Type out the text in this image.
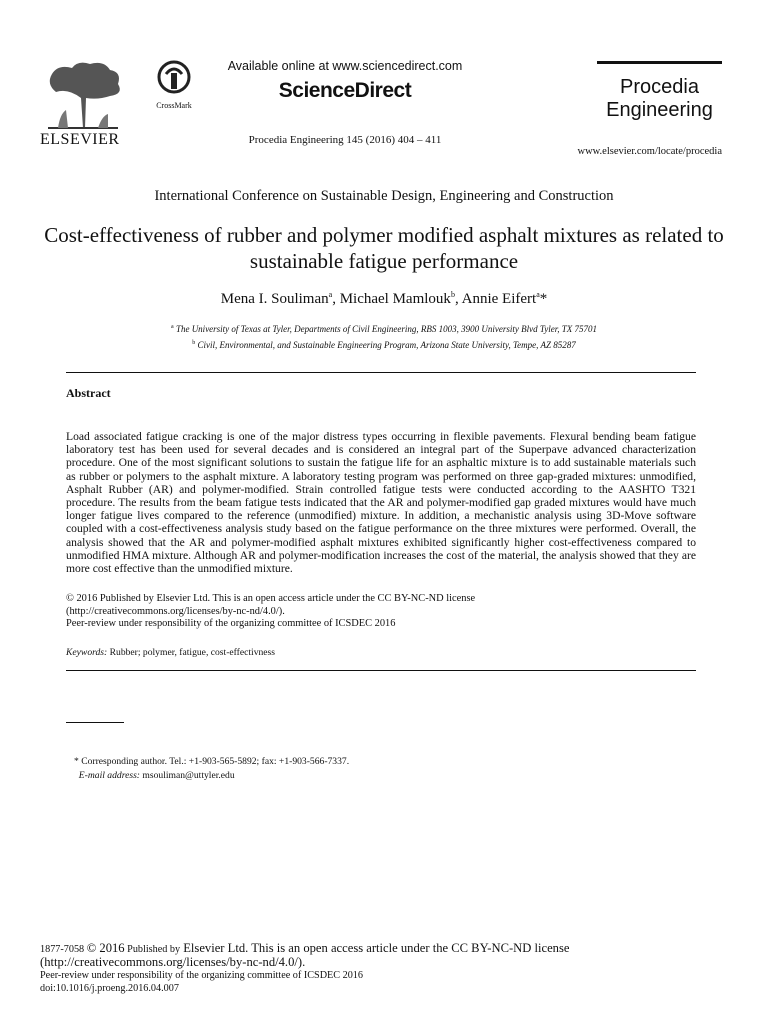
ELSEVIER
CrossMark
Available online at www.sciencedirect.com
ScienceDirect
Procedia Engineering 145 (2016) 404 – 411
Procedia
Engineering
www.elsevier.com/locate/procedia
International Conference on Sustainable Design, Engineering and Construction
Cost-effectiveness of rubber and polymer modified asphalt mixtures as related to sustainable fatigue performance
Mena I. Souliman$^a$, Michael Mamlouk$^b$, Annie Eifert$^a$*
$^a$ The University of Texas at Tyler, Departments of Civil Engineering, RBS 1003, 3900 University Blvd Tyler, TX 75701
$^b$ Civil, Environmental, and Sustainable Engineering Program, Arizona State University, Tempe, AZ 85287
Abstract
Load associated fatigue cracking is one of the major distress types occurring in flexible pavements. Flexural bending beam fatigue laboratory test has been used for several decades and is considered an integral part of the Superpave advanced characterization procedure. One of the most significant solutions to sustain the fatigue life for an asphaltic mixture is to add sustainable materials such as rubber or polymers to the asphalt mixture. A laboratory testing program was performed on three gap-graded mixtures: unmodified, Asphalt Rubber (AR) and polymer-modified. Strain controlled fatigue tests were conducted according to the AASHTO T321 procedure. The results from the beam fatigue tests indicated that the AR and polymer-modified gap graded mixtures would have much longer fatigue lives compared to the reference (unmodified) mixture. In addition, a mechanistic analysis using 3D-Move software coupled with a cost-effectiveness analysis study based on the fatigue performance on the three mixtures were performed. Overall, the analysis showed that the AR and polymer-modified asphalt mixtures exhibited significantly higher cost-effectiveness compared to unmodified HMA mixture. Although AR and polymer-modification increases the cost of the material, the analysis showed that they are more cost effective than the unmodified mixture.
© 2016 Published by Elsevier Ltd. This is an open access article under the CC BY-NC-ND license
(http://creativecommons.org/licenses/by-nc-nd/4.0/).
Peer-review under responsibility of the organizing committee of ICSDEC 2016
Keywords: Rubber; polymer, fatigue, cost-effectivness
* Corresponding author. Tel.: +1-903-565-5892; fax: +1-903-566-7337.
E-mail address: msouliman@uttyler.edu
1877-7058 © 2016 Published by Elsevier Ltd. This is an open access article under the CC BY-NC-ND license
(http://creativecommons.org/licenses/by-nc-nd/4.0/).
Peer-review under responsibility of the organizing committee of ICSDEC 2016
doi:10.1016/j.proeng.2016.04.007
